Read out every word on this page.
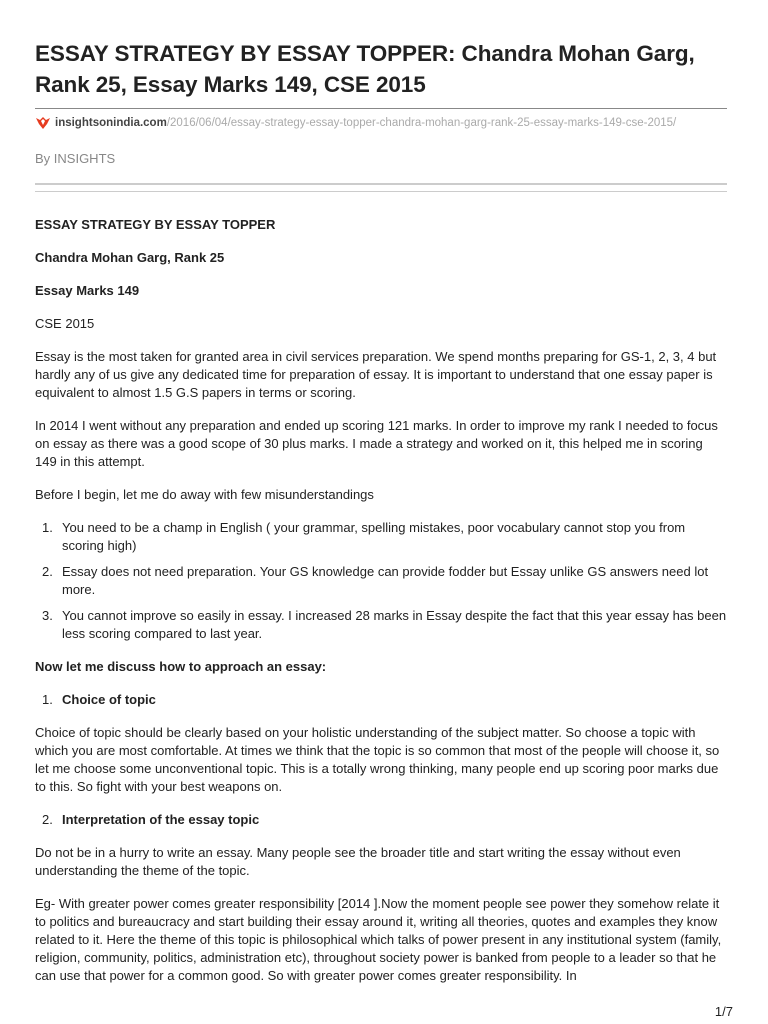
ESSAY STRATEGY BY ESSAY TOPPER: Chandra Mohan Garg, Rank 25, Essay Marks 149, CSE 2015
insightsonindia.com /2016/06/04/essay-strategy-essay-topper-chandra-mohan-garg-rank-25-essay-marks-149-cse-2015/
By INSIGHTS

ESSAY STRATEGY BY ESSAY TOPPER

Chandra Mohan Garg, Rank 25

Essay Marks 149

CSE 2015

Essay is the most taken for granted area in civil services preparation. We spend months preparing for GS-1, 2, 3, 4 but hardly any of us give any dedicated time for preparation of essay. It is important to understand that one essay paper is equivalent to almost 1.5 G.S papers in terms or scoring.

In 2014 I went without any preparation and ended up scoring 121 marks. In order to improve my rank I needed to focus on essay as there was a good scope of 30 plus marks. I made a strategy and worked on it, this helped me in scoring 149 in this attempt.

Before I begin, let me do away with few misunderstandings

1. You need to be a champ in English ( your grammar, spelling mistakes, poor vocabulary cannot stop you from scoring high)
2. Essay does not need preparation. Your GS knowledge can provide fodder but Essay unlike GS answers need lot more.
3. You cannot improve so easily in essay. I increased 28 marks in Essay despite the fact that this year essay has been less scoring compared to last year.

Now let me discuss how to approach an essay:

1. Choice of topic

Choice of topic should be clearly based on your holistic understanding of the subject matter. So choose a topic with which you are most comfortable. At times we think that the topic is so common that most of the people will choose it, so let me choose some unconventional topic. This is a totally wrong thinking, many people end up scoring poor marks due to this. So fight with your best weapons on.

2. Interpretation of the essay topic

Do not be in a hurry to write an essay. Many people see the broader title and start writing the essay without even understanding the theme of the topic.

Eg- With greater power comes greater responsibility [2014 ].Now the moment people see power they somehow relate it to politics and bureaucracy and start building their essay around it, writing all theories, quotes and examples they know related to it. Here the theme of this topic is philosophical which talks of power present in any institutional system (family, religion, community, politics, administration etc), throughout society power is banked from people to a leader so that he can use that power for a common good. So with greater power comes greater responsibility. In

1/7
